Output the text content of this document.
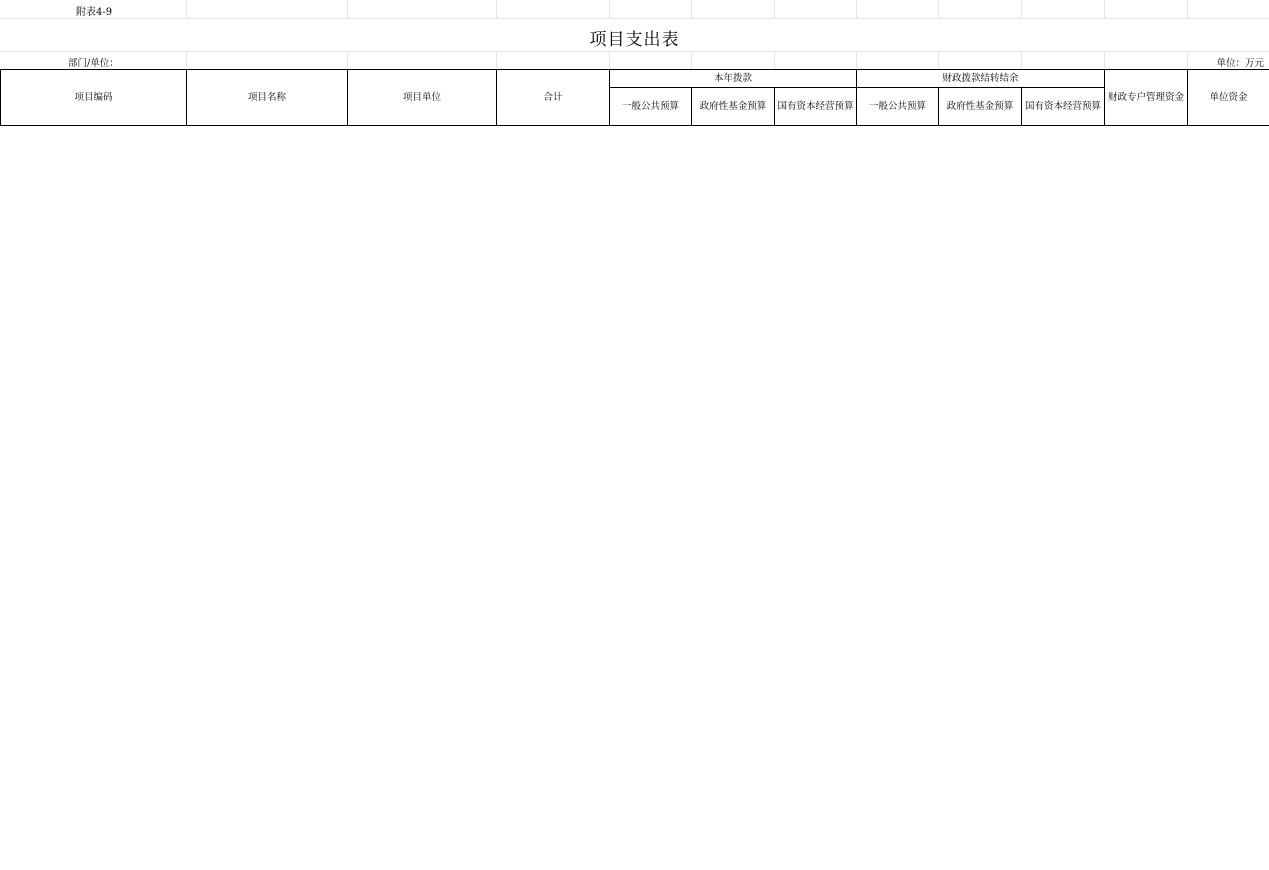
附表4-9
项目支出表
部门/单位：	单位：万元
项目编码	项目名称	项目单位	合计	本年拨款			财政拨款结转结余			财政专户管理资金	单位资金
				一般公共预算	政府性基金预算	国有资本经营预算	一般公共预算	政府性基金预算	国有资本经营预算		
